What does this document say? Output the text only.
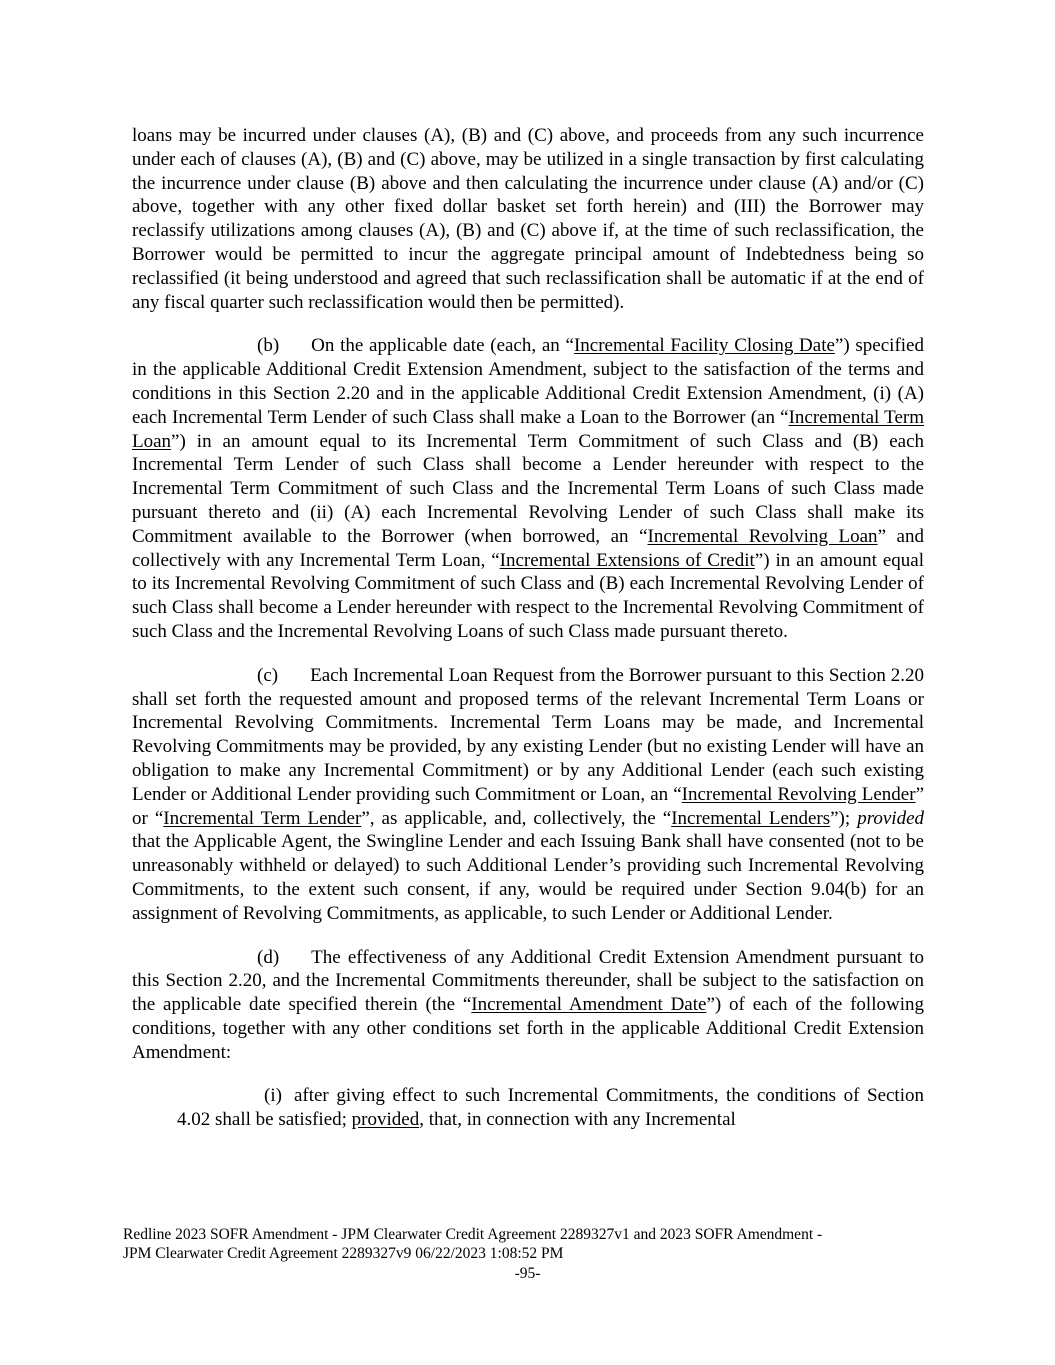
loans may be incurred under clauses (A), (B) and (C) above, and proceeds from any such incurrence under each of clauses (A), (B) and (C) above, may be utilized in a single transaction by first calculating the incurrence under clause (B) above and then calculating the incurrence under clause (A) and/or (C) above, together with any other fixed dollar basket set forth herein) and (III) the Borrower may reclassify utilizations among clauses (A), (B) and (C) above if, at the time of such reclassification, the Borrower would be permitted to incur the aggregate principal amount of Indebtedness being so reclassified (it being understood and agreed that such reclassification shall be automatic if at the end of any fiscal quarter such reclassification would then be permitted).

(b) On the applicable date (each, an “Incremental Facility Closing Date”) specified in the applicable Additional Credit Extension Amendment, subject to the satisfaction of the terms and conditions in this Section 2.20 and in the applicable Additional Credit Extension Amendment, (i) (A) each Incremental Term Lender of such Class shall make a Loan to the Borrower (an “Incremental Term Loan”) in an amount equal to its Incremental Term Commitment of such Class and (B) each Incremental Term Lender of such Class shall become a Lender hereunder with respect to the Incremental Term Commitment of such Class and the Incremental Term Loans of such Class made pursuant thereto and (ii) (A) each Incremental Revolving Lender of such Class shall make its Commitment available to the Borrower (when borrowed, an “Incremental Revolving Loan” and collectively with any Incremental Term Loan, “Incremental Extensions of Credit”) in an amount equal to its Incremental Revolving Commitment of such Class and (B) each Incremental Revolving Lender of such Class shall become a Lender hereunder with respect to the Incremental Revolving Commitment of such Class and the Incremental Revolving Loans of such Class made pursuant thereto.

(c) Each Incremental Loan Request from the Borrower pursuant to this Section 2.20 shall set forth the requested amount and proposed terms of the relevant Incremental Term Loans or Incremental Revolving Commitments. Incremental Term Loans may be made, and Incremental Revolving Commitments may be provided, by any existing Lender (but no existing Lender will have an obligation to make any Incremental Commitment) or by any Additional Lender (each such existing Lender or Additional Lender providing such Commitment or Loan, an “Incremental Revolving Lender” or “Incremental Term Lender”, as applicable, and, collectively, the “Incremental Lenders”); provided that the Applicable Agent, the Swingline Lender and each Issuing Bank shall have consented (not to be unreasonably withheld or delayed) to such Additional Lender’s providing such Incremental Revolving Commitments, to the extent such consent, if any, would be required under Section 9.04(b) for an assignment of Revolving Commitments, as applicable, to such Lender or Additional Lender.

(d) The effectiveness of any Additional Credit Extension Amendment pursuant to this Section 2.20, and the Incremental Commitments thereunder, shall be subject to the satisfaction on the applicable date specified therein (the “Incremental Amendment Date”) of each of the following conditions, together with any other conditions set forth in the applicable Additional Credit Extension Amendment:

(i) after giving effect to such Incremental Commitments, the conditions of Section 4.02 shall be satisfied; provided, that, in connection with any Incremental

Redline 2023 SOFR Amendment - JPM Clearwater Credit Agreement 2289327v1 and 2023 SOFR Amendment -
JPM Clearwater Credit Agreement 2289327v9 06/22/2023 1:08:52 PM
-95-
